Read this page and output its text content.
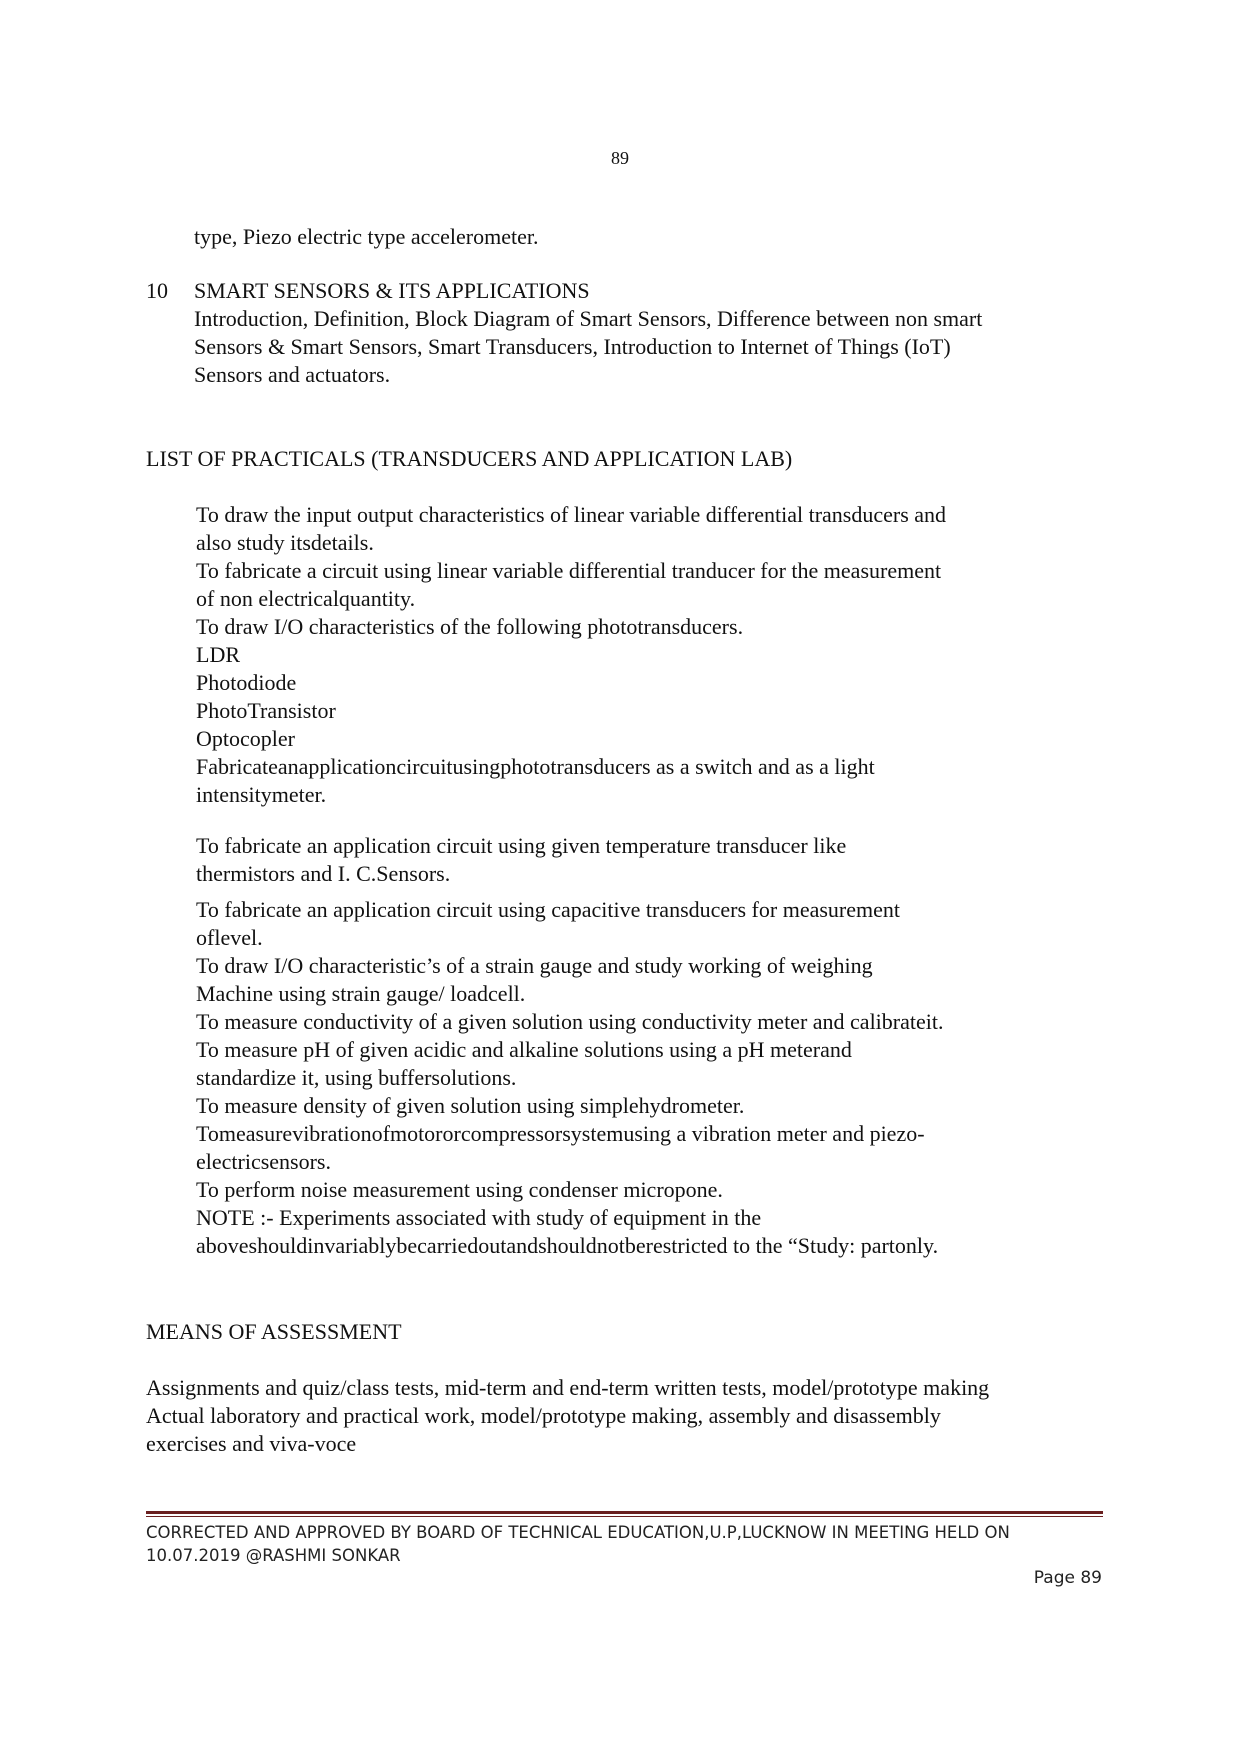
89
type, Piezo electric type accelerometer.
10 SMART SENSORS & ITS APPLICATIONS
Introduction, Definition, Block Diagram of Smart Sensors, Difference between non smart
Sensors & Smart Sensors, Smart Transducers, Introduction to Internet of Things (IoT)
Sensors and actuators.
LIST OF PRACTICALS (TRANSDUCERS AND APPLICATION LAB)
To draw the input output characteristics of linear variable differential transducers and
also study itsdetails.
To fabricate a circuit using linear variable differential tranducer for the measurement
of non electricalquantity.
To draw I/O characteristics of the following phototransducers.
LDR
Photodiode
PhotoTransistor
Optocopler
Fabricateanapplicationcircuitusingphototransducers as a switch and as a light
intensitymeter.
To fabricate an application circuit using given temperature transducer like
thermistors and I. C.Sensors.
To fabricate an application circuit using capacitive transducers for measurement
oflevel.
To draw I/O characteristic’s of a strain gauge and study working of weighing
Machine using strain gauge/ loadcell.
To measure conductivity of a given solution using conductivity meter and calibrateit.
To measure pH of given acidic and alkaline solutions using a pH meterand
standardize it, using buffersolutions.
To measure density of given solution using simplehydrometer.
Tomeasurevibrationofmotororcompressorsystemusing a vibration meter and piezo-
electricsensors.
To perform noise measurement using condenser micropone.
NOTE :- Experiments associated with study of equipment in the
aboveshouldinvariablybecarriedoutandshouldnotberestricted to the “Study: partonly.
MEANS OF ASSESSMENT
Assignments and quiz/class tests, mid-term and end-term written tests, model/prototype making
Actual laboratory and practical work, model/prototype making, assembly and disassembly
exercises and viva-voce
CORRECTED AND APPROVED BY BOARD OF TECHNICAL EDUCATION,U.P,LUCKNOW IN MEETING HELD ON
10.07.2019 @RASHMI SONKAR
Page 89
